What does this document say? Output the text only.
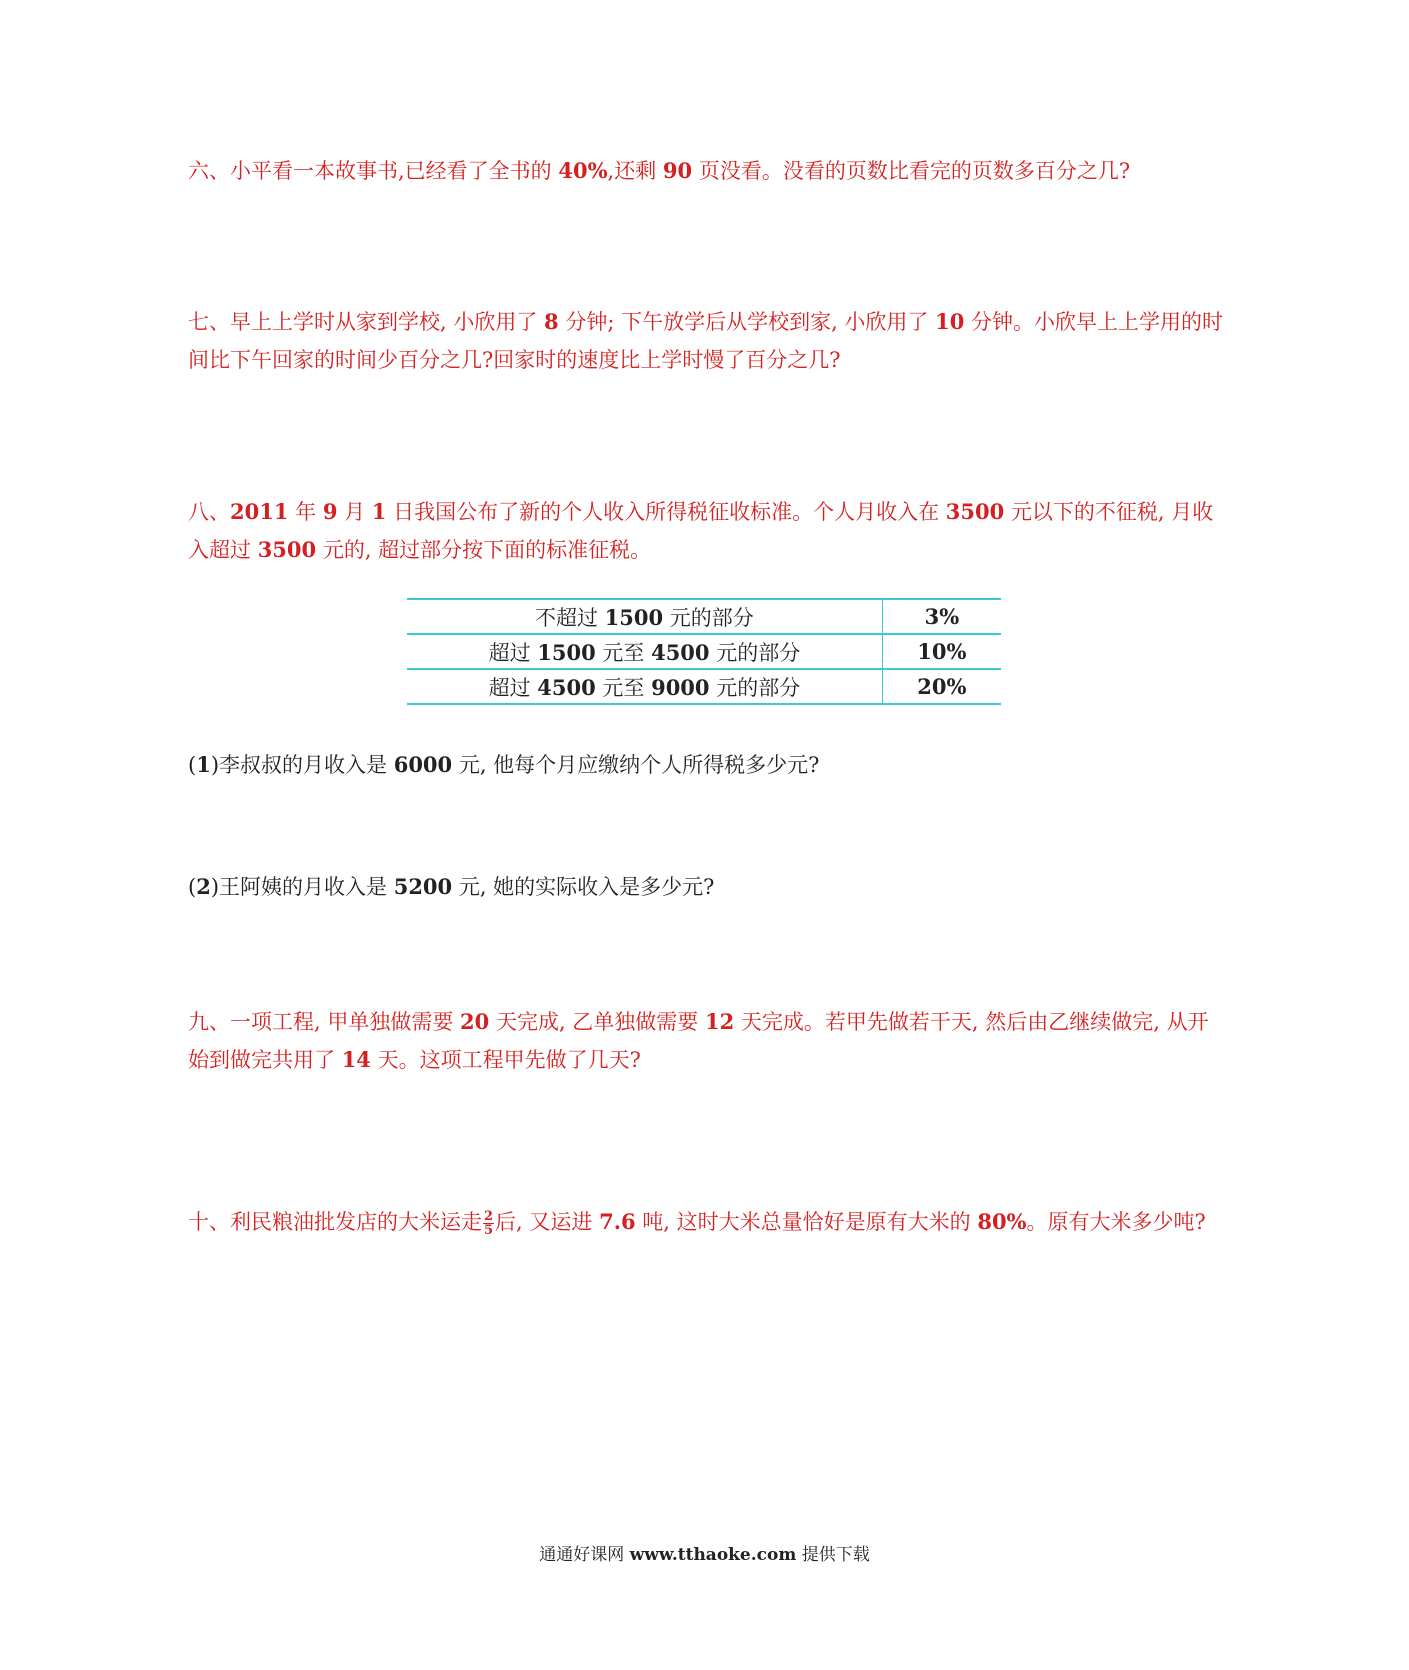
六、小平看一本故事书,已经看了全书的 40%,还剩 90 页没看。没看的页数比看完的页数多百分之几?

七、早上上学时从家到学校, 小欣用了 8 分钟; 下午放学后从学校到家, 小欣用了 10 分钟。小欣早上上学用的时间比下午回家的时间少百分之几?回家时的速度比上学时慢了百分之几?

八、2011 年 9 月 1 日我国公布了新的个人收入所得税征收标准。个人月收入在 3500 元以下的不征税, 月收入超过 3500 元的, 超过部分按下面的标准征税。

不超过 1500 元的部分	3%
超过 1500 元至 4500 元的部分	10%
超过 4500 元至 9000 元的部分	20%

(1)李叔叔的月收入是 6000 元, 他每个月应缴纳个人所得税多少元?

(2)王阿姨的月收入是 5200 元, 她的实际收入是多少元?

九、一项工程, 甲单独做需要 20 天完成, 乙单独做需要 12 天完成。若甲先做若干天, 然后由乙继续做完, 从开始到做完共用了 14 天。这项工程甲先做了几天?

十、利民粮油批发店的大米运走 $\frac{2}{5}$ 后, 又运进 7.6 吨, 这时大米总量恰好是原有大米的 80%。原有大米多少吨?

通通好课网 www.tthaoke.com 提供下载
